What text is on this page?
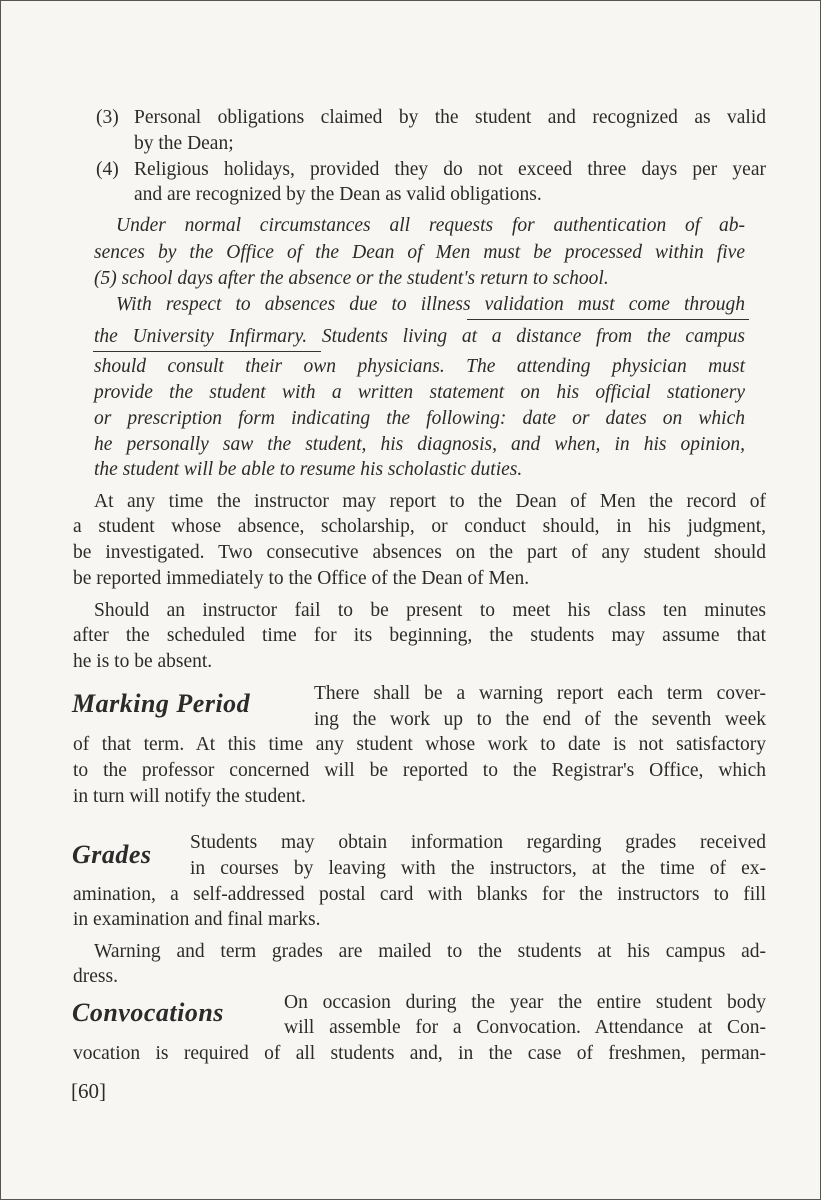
(3) Personal obligations claimed by the student and recognized as valid
by the Dean;
(4) Religious holidays, provided they do not exceed three days per year
and are recognized by the Dean as valid obligations.
Under normal circumstances all requests for authentication of ab-
sences by the Office of the Dean of Men must be processed within five
(5) school days after the absence or the student's return to school.
With respect to absences due to illness validation must come through
the University Infirmary. Students living at a distance from the campus
should consult their own physicians. The attending physician must
provide the student with a written statement on his official stationery
or prescription form indicating the following: date or dates on which
he personally saw the student, his diagnosis, and when, in his opinion,
the student will be able to resume his scholastic duties.
At any time the instructor may report to the Dean of Men the record of
a student whose absence, scholarship, or conduct should, in his judgment,
be investigated. Two consecutive absences on the part of any student should
be reported immediately to the Office of the Dean of Men.
Should an instructor fail to be present to meet his class ten minutes
after the scheduled time for its beginning, the students may assume that
he is to be absent.
Marking Period	There shall be a warning report each term cover-
ing the work up to the end of the seventh week
of that term. At this time any student whose work to date is not satisfactory
to the professor concerned will be reported to the Registrar's Office, which
in turn will notify the student.
Grades Students may obtain information regarding grades received
in courses by leaving with the instructors, at the time of ex-
amination, a self-addressed postal card with blanks for the instructors to fill
in examination and final marks.
Warning and term grades are mailed to the students at his campus ad-
dress.
Convocations	On occasion during the year the entire student body
will assemble for a Convocation. Attendance at Con-
vocation is required of all students and, in the case of freshmen, perman-
[60]
